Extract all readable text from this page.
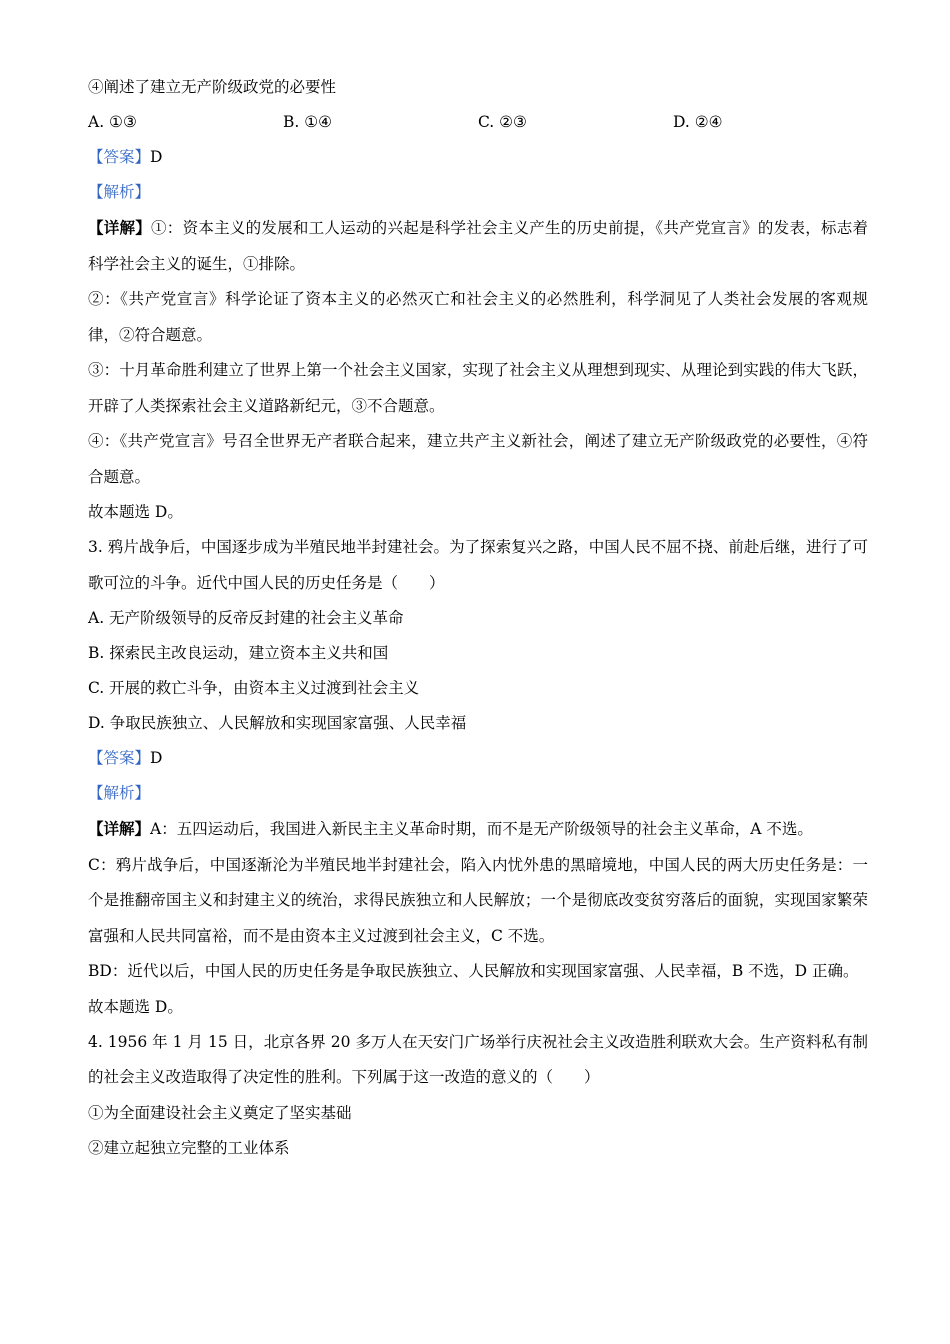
④阐述了建立无产阶级政党的必要性
A. ①③	B. ①④	C. ②③	D. ②④
【答案】D
【解析】
【详解】①：资本主义的发展和工人运动的兴起是科学社会主义产生的历史前提，《共产党宣言》的发表，标志着科学社会主义的诞生，①排除。
②：《共产党宣言》科学论证了资本主义的必然灭亡和社会主义的必然胜利，科学洞见了人类社会发展的客观规律，②符合题意。
③：十月革命胜利建立了世界上第一个社会主义国家，实现了社会主义从理想到现实、从理论到实践的伟大飞跃，开辟了人类探索社会主义道路新纪元，③不合题意。
④：《共产党宣言》号召全世界无产者联合起来，建立共产主义新社会，阐述了建立无产阶级政党的必要性，④符合题意。
故本题选 D。
3. 鸦片战争后，中国逐步成为半殖民地半封建社会。为了探索复兴之路，中国人民不屈不挠、前赴后继，进行了可歌可泣的斗争。近代中国人民的历史任务是（　　）
A. 无产阶级领导的反帝反封建的社会主义革命
B. 探索民主改良运动，建立资本主义共和国
C. 开展的救亡斗争，由资本主义过渡到社会主义
D. 争取民族独立、人民解放和实现国家富强、人民幸福
【答案】D
【解析】
【详解】A：五四运动后，我国进入新民主主义革命时期，而不是无产阶级领导的社会主义革命，A 不选。
C：鸦片战争后，中国逐渐沦为半殖民地半封建社会，陷入内忧外患的黑暗境地，中国人民的两大历史任务是：一个是推翻帝国主义和封建主义的统治，求得民族独立和人民解放；一个是彻底改变贫穷落后的面貌，实现国家繁荣富强和人民共同富裕，而不是由资本主义过渡到社会主义，C 不选。
BD：近代以后，中国人民的历史任务是争取民族独立、人民解放和实现国家富强、人民幸福，B 不选，D 正确。
故本题选 D。
4. 1956 年 1 月 15 日，北京各界 20 多万人在天安门广场举行庆祝社会主义改造胜利联欢大会。生产资料私有制的社会主义改造取得了决定性的胜利。下列属于这一改造的意义的（　　）
①为全面建设社会主义奠定了坚实基础
②建立起独立完整的工业体系
